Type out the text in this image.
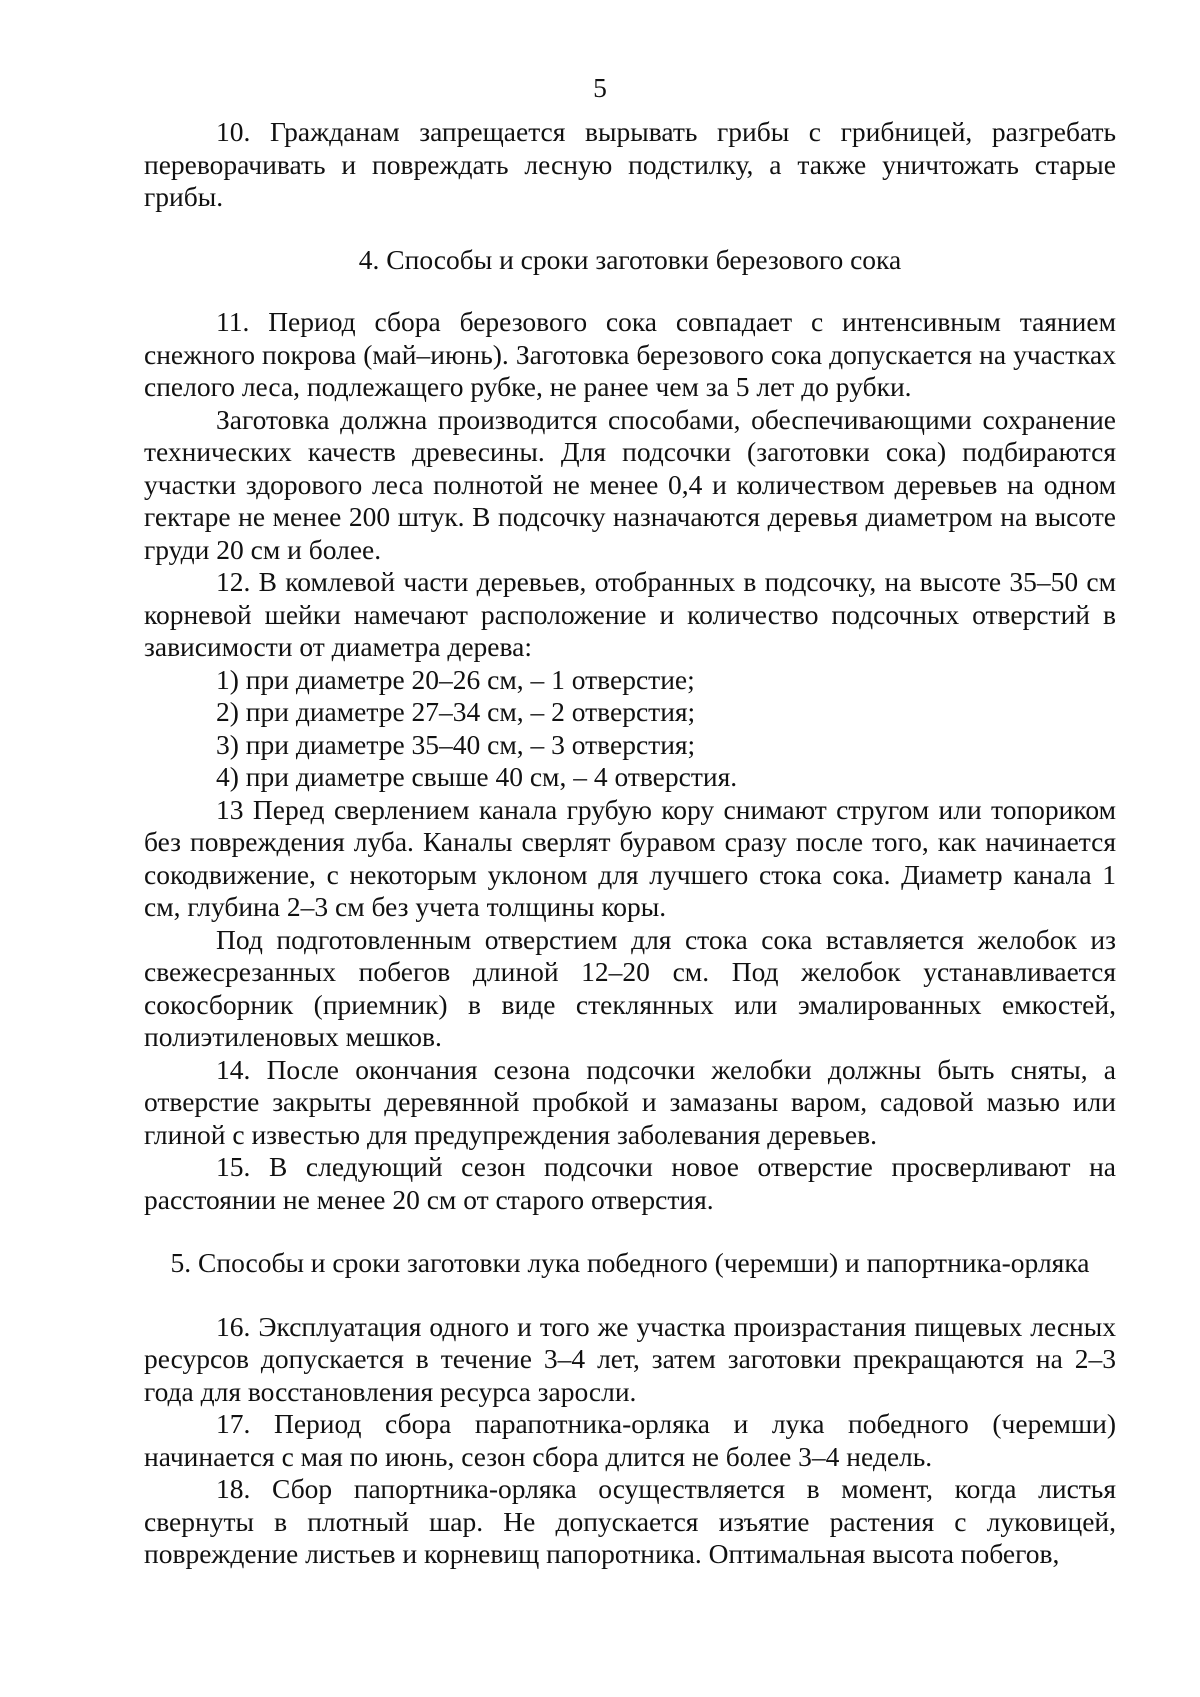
5

10. Гражданам запрещается вырывать грибы с грибницей, разгребать переворачивать и повреждать лесную подстилку, а также уничтожать старые грибы.

4. Способы и сроки заготовки березового сока

11. Период сбора березового сока совпадает с интенсивным таянием снежного покрова (май–июнь). Заготовка березового сока допускается на участках спелого леса, подлежащего рубке, не ранее чем за 5 лет до рубки.

Заготовка должна производится способами, обеспечивающими сохранение технических качеств древесины. Для подсочки (заготовки сока) подбираются участки здорового леса полнотой не менее 0,4 и количеством деревьев на одном гектаре не менее 200 штук. В подсочку назначаются деревья диаметром на высоте груди 20 см и более.

12. В комлевой части деревьев, отобранных в подсочку, на высоте 35–50 см корневой шейки намечают расположение и количество подсочных отверстий в зависимости от диаметра дерева:

1) при диаметре 20–26 см, – 1 отверстие;

2) при диаметре 27–34 см, – 2 отверстия;

3) при диаметре 35–40 см, – 3 отверстия;

4) при диаметре свыше 40 см, – 4 отверстия.

13 Перед сверлением канала грубую кору снимают стругом или топориком без повреждения луба. Каналы сверлят буравом сразу после того, как начинается сокодвижение, с некоторым уклоном для лучшего стока сока. Диаметр канала 1 см, глубина 2–3 см без учета толщины коры.

Под подготовленным отверстием для стока сока вставляется желобок из свежесрезанных побегов длиной 12–20 см. Под желобок устанавливается сокосборник (приемник) в виде стеклянных или эмалированных емкостей, полиэтиленовых мешков.

14. После окончания сезона подсочки желобки должны быть сняты, а отверстие закрыты деревянной пробкой и замазаны варом, садовой мазью или глиной с известью для предупреждения заболевания деревьев.

15. В следующий сезон подсочки новое отверстие просверливают на расстоянии не менее 20 см от старого отверстия.

5. Способы и сроки заготовки лука победного (черемши) и папортника-орляка

16. Эксплуатация одного и того же участка произрастания пищевых лесных ресурсов допускается в течение 3–4 лет, затем заготовки прекращаются на 2–3 года для восстановления ресурса заросли.

17. Период сбора парапотника-орляка и лука победного (черемши) начинается с мая по июнь, сезон сбора длится не более 3–4 недель.

18. Сбор папортника-орляка осуществляется в момент, когда листья свернуты в плотный шар. Не допускается изъятие растения с луковицей, повреждение листьев и корневищ папоротника. Оптимальная высота побегов,
